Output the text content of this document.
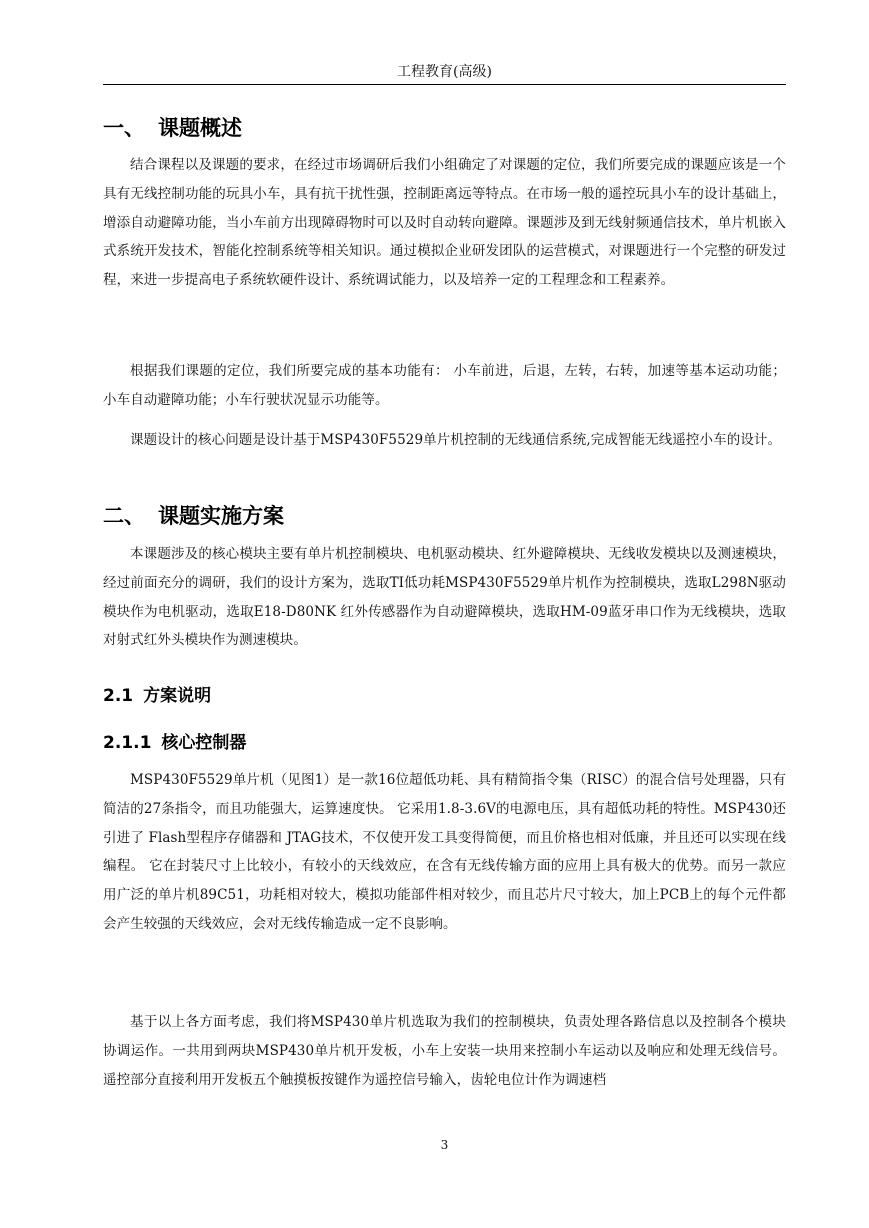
工程教育(高级)
一、 课题概述

结合课程以及课题的要求，在经过市场调研后我们小组确定了对课题的定位，我们所要完成的课题应该是一个具有无线控制功能的玩具小车，具有抗干扰性强，控制距离远等特点。在市场一般的遥控玩具小车的设计基础上，增添自动避障功能，当小车前方出现障碍物时可以及时自动转向避障。课题涉及到无线射频通信技术，单片机嵌入式系统开发技术，智能化控制系统等相关知识。通过模拟企业研发团队的运营模式，对课题进行一个完整的研发过程，来进一步提高电子系统软硬件设计、系统调试能力，以及培养一定的工程理念和工程素养。

根据我们课题的定位，我们所要完成的基本功能有： 小车前进，后退，左转，右转，加速等基本运动功能；小车自动避障功能；小车行驶状况显示功能等。

课题设计的核心问题是设计基于MSP430F5529单片机控制的无线通信系统,完成智能无线遥控小车的设计。

二、 课题实施方案

本课题涉及的核心模块主要有单片机控制模块、电机驱动模块、红外避障模块、无线收发模块以及测速模块，经过前面充分的调研，我们的设计方案为，选取TI低功耗MSP430F5529单片机作为控制模块，选取L298N驱动模块作为电机驱动，选取E18-D80NK 红外传感器作为自动避障模块，选取HM-09蓝牙串口作为无线模块，选取对射式红外头模块作为测速模块。

2.1 方案说明
2.1.1 核心控制器

MSP430F5529单片机（见图1）是一款16位超低功耗、具有精简指令集（RISC）的混合信号处理器，只有简洁的27条指令，而且功能强大，运算速度快。 它采用1.8-3.6V的电源电压，具有超低功耗的特性。MSP430还引进了 Flash型程序存储器和 JTAG技术，不仅使开发工具变得简便，而且价格也相对低廉，并且还可以实现在线编程。 它在封装尺寸上比较小，有较小的天线效应，在含有无线传输方面的应用上具有极大的优势。而另一款应用广泛的单片机89C51，功耗相对较大，模拟功能部件相对较少，而且芯片尺寸较大，加上PCB上的每个元件都会产生较强的天线效应，会对无线传输造成一定不良影响。

基于以上各方面考虑，我们将MSP430单片机选取为我们的控制模块，负责处理各路信息以及控制各个模块协调运作。一共用到两块MSP430单片机开发板，小车上安装一块用来控制小车运动以及响应和处理无线信号。遥控部分直接利用开发板五个触摸板按键作为遥控信号输入，齿轮电位计作为调速档

3
